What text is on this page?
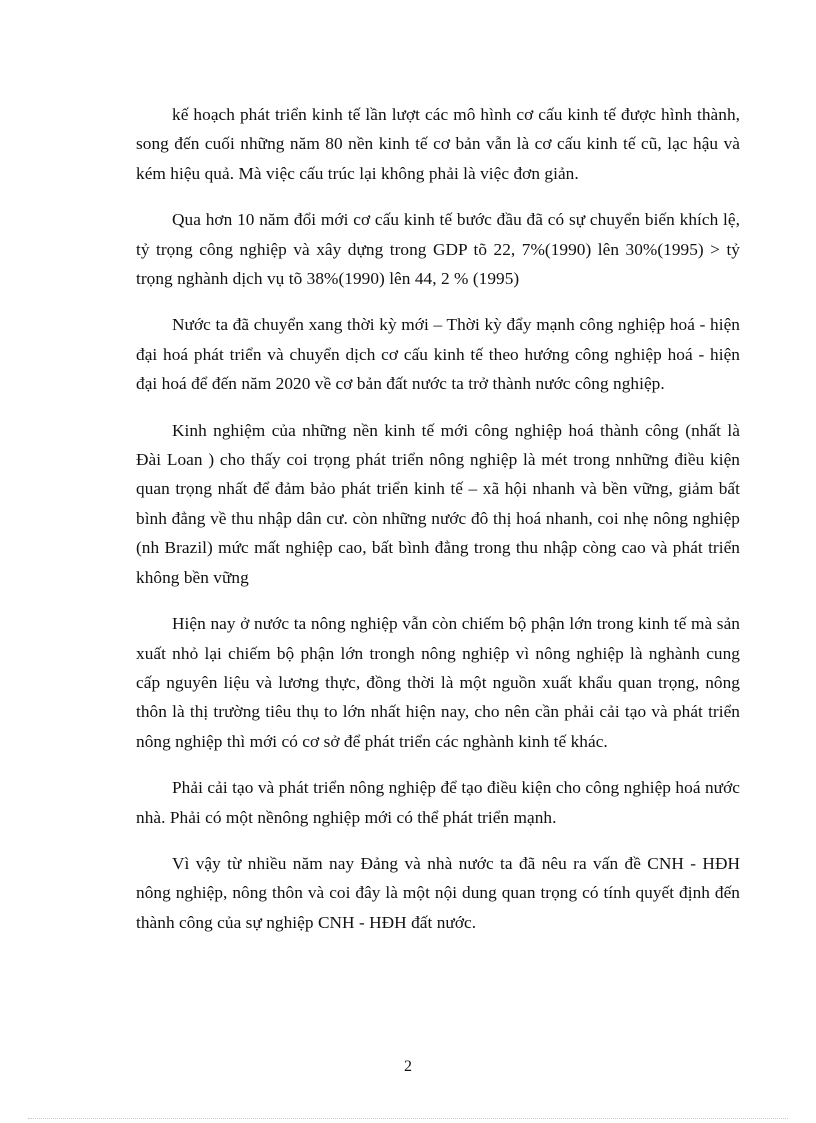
kế hoạch phát triển kinh tế lần lượt các mô hình cơ cấu kinh tế được hình thành, song đến cuối những năm 80 nền kinh tế cơ bản vẫn là cơ cấu kinh tế cũ, lạc hậu và kém hiệu quả. Mà việc cấu trúc lại không phải là việc đơn giản.

Qua hơn 10 năm đổi mới cơ cấu kinh tế bước đầu đã có sự chuyển biến khích lệ, tỷ trọng công nghiệp và xây dựng trong GDP tõ 22, 7%(1990) lên 30%(1995) > tỷ trọng nghành dịch vụ tõ 38%(1990) lên 44, 2 % (1995)

Nước ta đã chuyển xang thời kỳ mới – Thời kỳ đẩy mạnh công nghiệp hoá - hiện đại hoá phát triển và chuyển dịch cơ cấu kinh tế theo hướng công nghiệp hoá - hiện đại hoá để đến năm 2020 về cơ bản đất nước ta trở thành nước công nghiệp.

Kinh nghiệm của những nền kinh tế mới công nghiệp hoá thành công (nhất là Đài Loan ) cho thấy coi trọng phát triển nông nghiệp là mét trong nnhững điều kiện quan trọng nhất để đảm bảo phát triển kinh tế – xã hội nhanh và bền vững, giảm bất bình đẳng về thu nhập dân cư. còn những nước đô thị hoá nhanh, coi nhẹ nông nghiệp (nh Brazil) mức mất nghiệp cao, bất bình đẳng trong thu nhập còng cao và phát triển không bền vững

Hiện nay ở nước ta nông nghiệp vẫn còn chiếm bộ phận lớn trong kinh tế mà sản xuất nhỏ lại chiếm bộ phận lớn trongh nông nghiệp vì nông nghiệp là nghành cung cấp nguyên liệu và lương thực, đồng thời là một nguồn xuất khẩu quan trọng, nông thôn là thị trường tiêu thụ to lớn nhất hiện nay, cho nên cần phải cải tạo và phát triển nông nghiệp thì mới có cơ sở để phát triển các nghành kinh tế khác.

Phải cải tạo và phát triển nông nghiệp để tạo điều kiện cho công nghiệp hoá nước nhà. Phải có một nềnông nghiệp mới có thể phát triển mạnh.

Vì vậy từ nhiều năm nay Đảng và nhà nước ta đã nêu ra vấn đề CNH - HĐH nông nghiệp, nông thôn và coi đây là một nội dung quan trọng có tính quyết định đến thành công của sự nghiệp CNH - HĐH đất nước.

2
